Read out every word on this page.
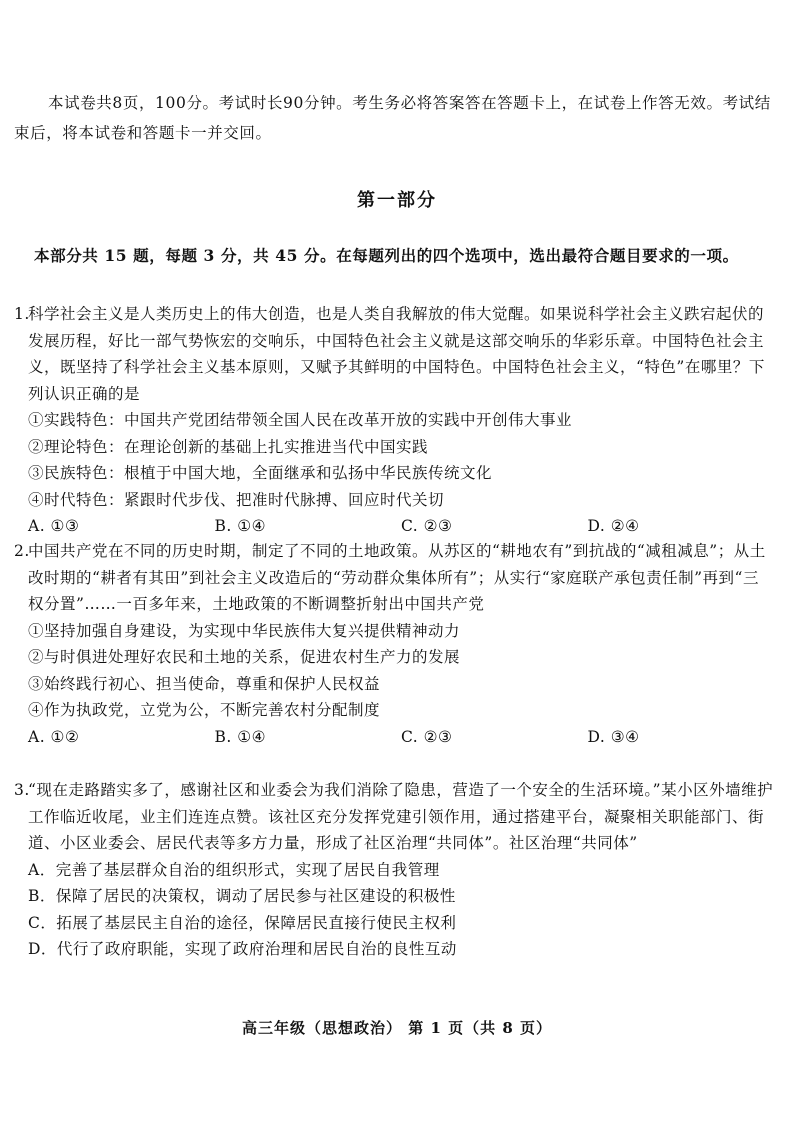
本试卷共8页，100分。考试时长90分钟。考生务必将答案答在答题卡上，在试卷上作答无效。考试结束后，将本试卷和答题卡一并交回。
第一部分
本部分共 15 题，每题 3 分，共 45 分。在每题列出的四个选项中，选出最符合题目要求的一项。
1.科学社会主义是人类历史上的伟大创造，也是人类自我解放的伟大觉醒。如果说科学社会主义跌宕起伏的发展历程，好比一部气势恢宏的交响乐，中国特色社会主义就是这部交响乐的华彩乐章。中国特色社会主义，既坚持了科学社会主义基本原则，又赋予其鲜明的中国特色。中国特色社会主义，“特色”在哪里？下列认识正确的是
①实践特色：中国共产党团结带领全国人民在改革开放的实践中开创伟大事业
②理论特色：在理论创新的基础上扎实推进当代中国实践
③民族特色：根植于中国大地，全面继承和弘扬中华民族传统文化
④时代特色：紧跟时代步伐、把准时代脉搏、回应时代关切
A. ①③	B. ①④	C. ②③	D. ②④
2.中国共产党在不同的历史时期，制定了不同的土地政策。从苏区的“耕地农有”到抗战的“减租减息”；从土改时期的“耕者有其田”到社会主义改造后的“劳动群众集体所有”；从实行“家庭联产承包责任制”再到“三权分置”……一百多年来，土地政策的不断调整折射出中国共产党
①坚持加强自身建设，为实现中华民族伟大复兴提供精神动力
②与时俱进处理好农民和土地的关系，促进农村生产力的发展
③始终践行初心、担当使命，尊重和保护人民权益
④作为执政党，立党为公，不断完善农村分配制度
A. ①②	B. ①④	C. ②③	D. ③④
3.“现在走路踏实多了，感谢社区和业委会为我们消除了隐患，营造了一个安全的生活环境。”某小区外墙维护工作临近收尾，业主们连连点赞。该社区充分发挥党建引领作用，通过搭建平台，凝聚相关职能部门、街道、小区业委会、居民代表等多方力量，形成了社区治理“共同体”。社区治理“共同体”
A．完善了基层群众自治的组织形式，实现了居民自我管理
B．保障了居民的决策权，调动了居民参与社区建设的积极性
C．拓展了基层民主自治的途径，保障居民直接行使民主权利
D．代行了政府职能，实现了政府治理和居民自治的良性互动
高三年级（思想政治） 第 1 页（共 8 页）
